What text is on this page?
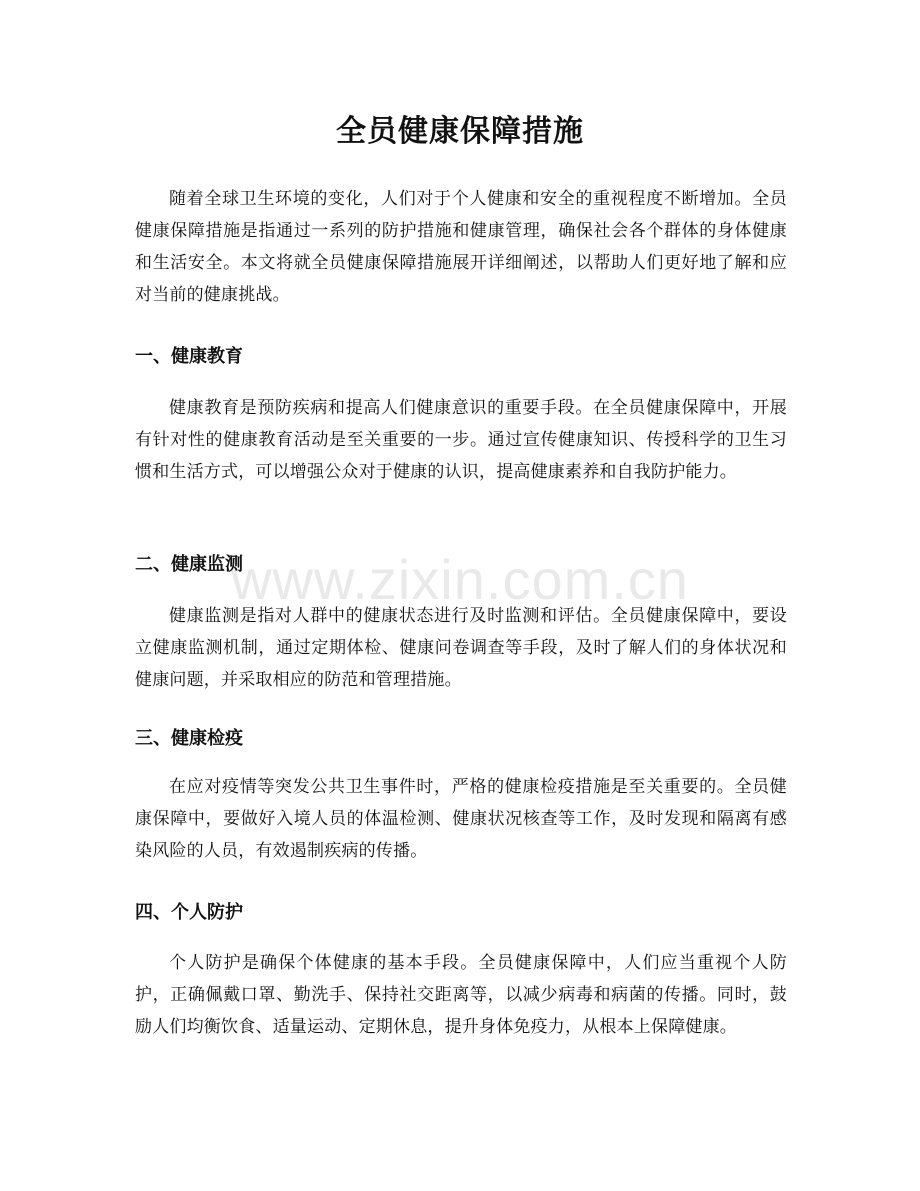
全员健康保障措施

随着全球卫生环境的变化，人们对于个人健康和安全的重视程度不断增加。全员健康保障措施是指通过一系列的防护措施和健康管理，确保社会各个群体的身体健康和生活安全。本文将就全员健康保障措施展开详细阐述，以帮助人们更好地了解和应对当前的健康挑战。

一、健康教育

健康教育是预防疾病和提高人们健康意识的重要手段。在全员健康保障中，开展有针对性的健康教育活动是至关重要的一步。通过宣传健康知识、传授科学的卫生习惯和生活方式，可以增强公众对于健康的认识，提高健康素养和自我防护能力。

二、健康监测

健康监测是指对人群中的健康状态进行及时监测和评估。全员健康保障中，要设立健康监测机制，通过定期体检、健康问卷调查等手段，及时了解人们的身体状况和健康问题，并采取相应的防范和管理措施。

三、健康检疫

在应对疫情等突发公共卫生事件时，严格的健康检疫措施是至关重要的。全员健康保障中，要做好入境人员的体温检测、健康状况核查等工作，及时发现和隔离有感染风险的人员，有效遏制疾病的传播。

四、个人防护

个人防护是确保个体健康的基本手段。全员健康保障中，人们应当重视个人防护，正确佩戴口罩、勤洗手、保持社交距离等，以减少病毒和病菌的传播。同时，鼓励人们均衡饮食、适量运动、定期休息，提升身体免疫力，从根本上保障健康。

www.zixin.com.cn
